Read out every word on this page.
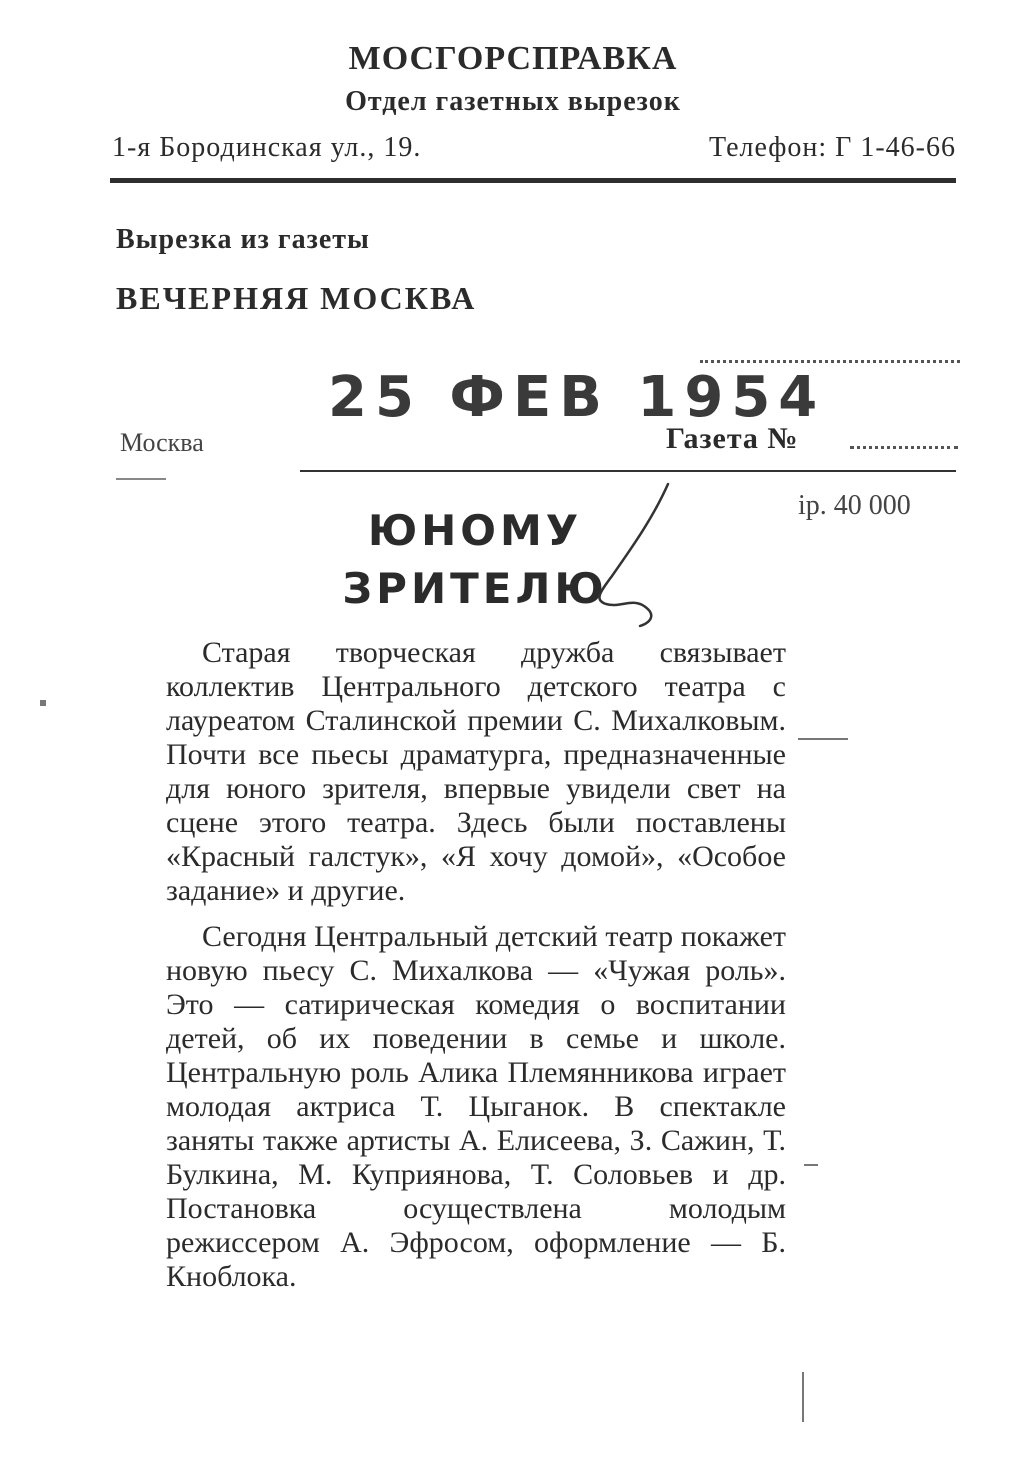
МОСГОРСПРАВКА
Отдел газетных вырезок
1-я Бородинская ул., 19.	Телефон: Г 1-46-66
Вырезка из газеты
ВЕЧЕРНЯЯ МОСКВА
25 ФЕВ 1954
Москва	Газета №
ір. 40 000
ЮНОМУ
ЗРИТЕЛЮ

Старая творческая дружба связывает коллектив Центрального детского театра с лауреатом Сталинской премии С. Михалковым. Почти все пьесы драматурга, предназначенные для юного зрителя, впервые увидели свет на сцене этого театра. Здесь были поставлены «Красный галстук», «Я хочу домой», «Особое задание» и другие.

Сегодня Центральный детский театр покажет новую пьесу С. Михалкова — «Чужая роль». Это — сатирическая комедия о воспитании детей, об их поведении в семье и школе. Центральную роль Алика Племянникова играет молодая актриса Т. Цыганок. В спектакле заняты также артисты А. Елисеева, З. Сажин, Т. Булкина, М. Куприянова, Т. Соловьев и др. Постановка осуществлена молодым режиссером А. Эфросом, оформление — Б. Кноблока.
